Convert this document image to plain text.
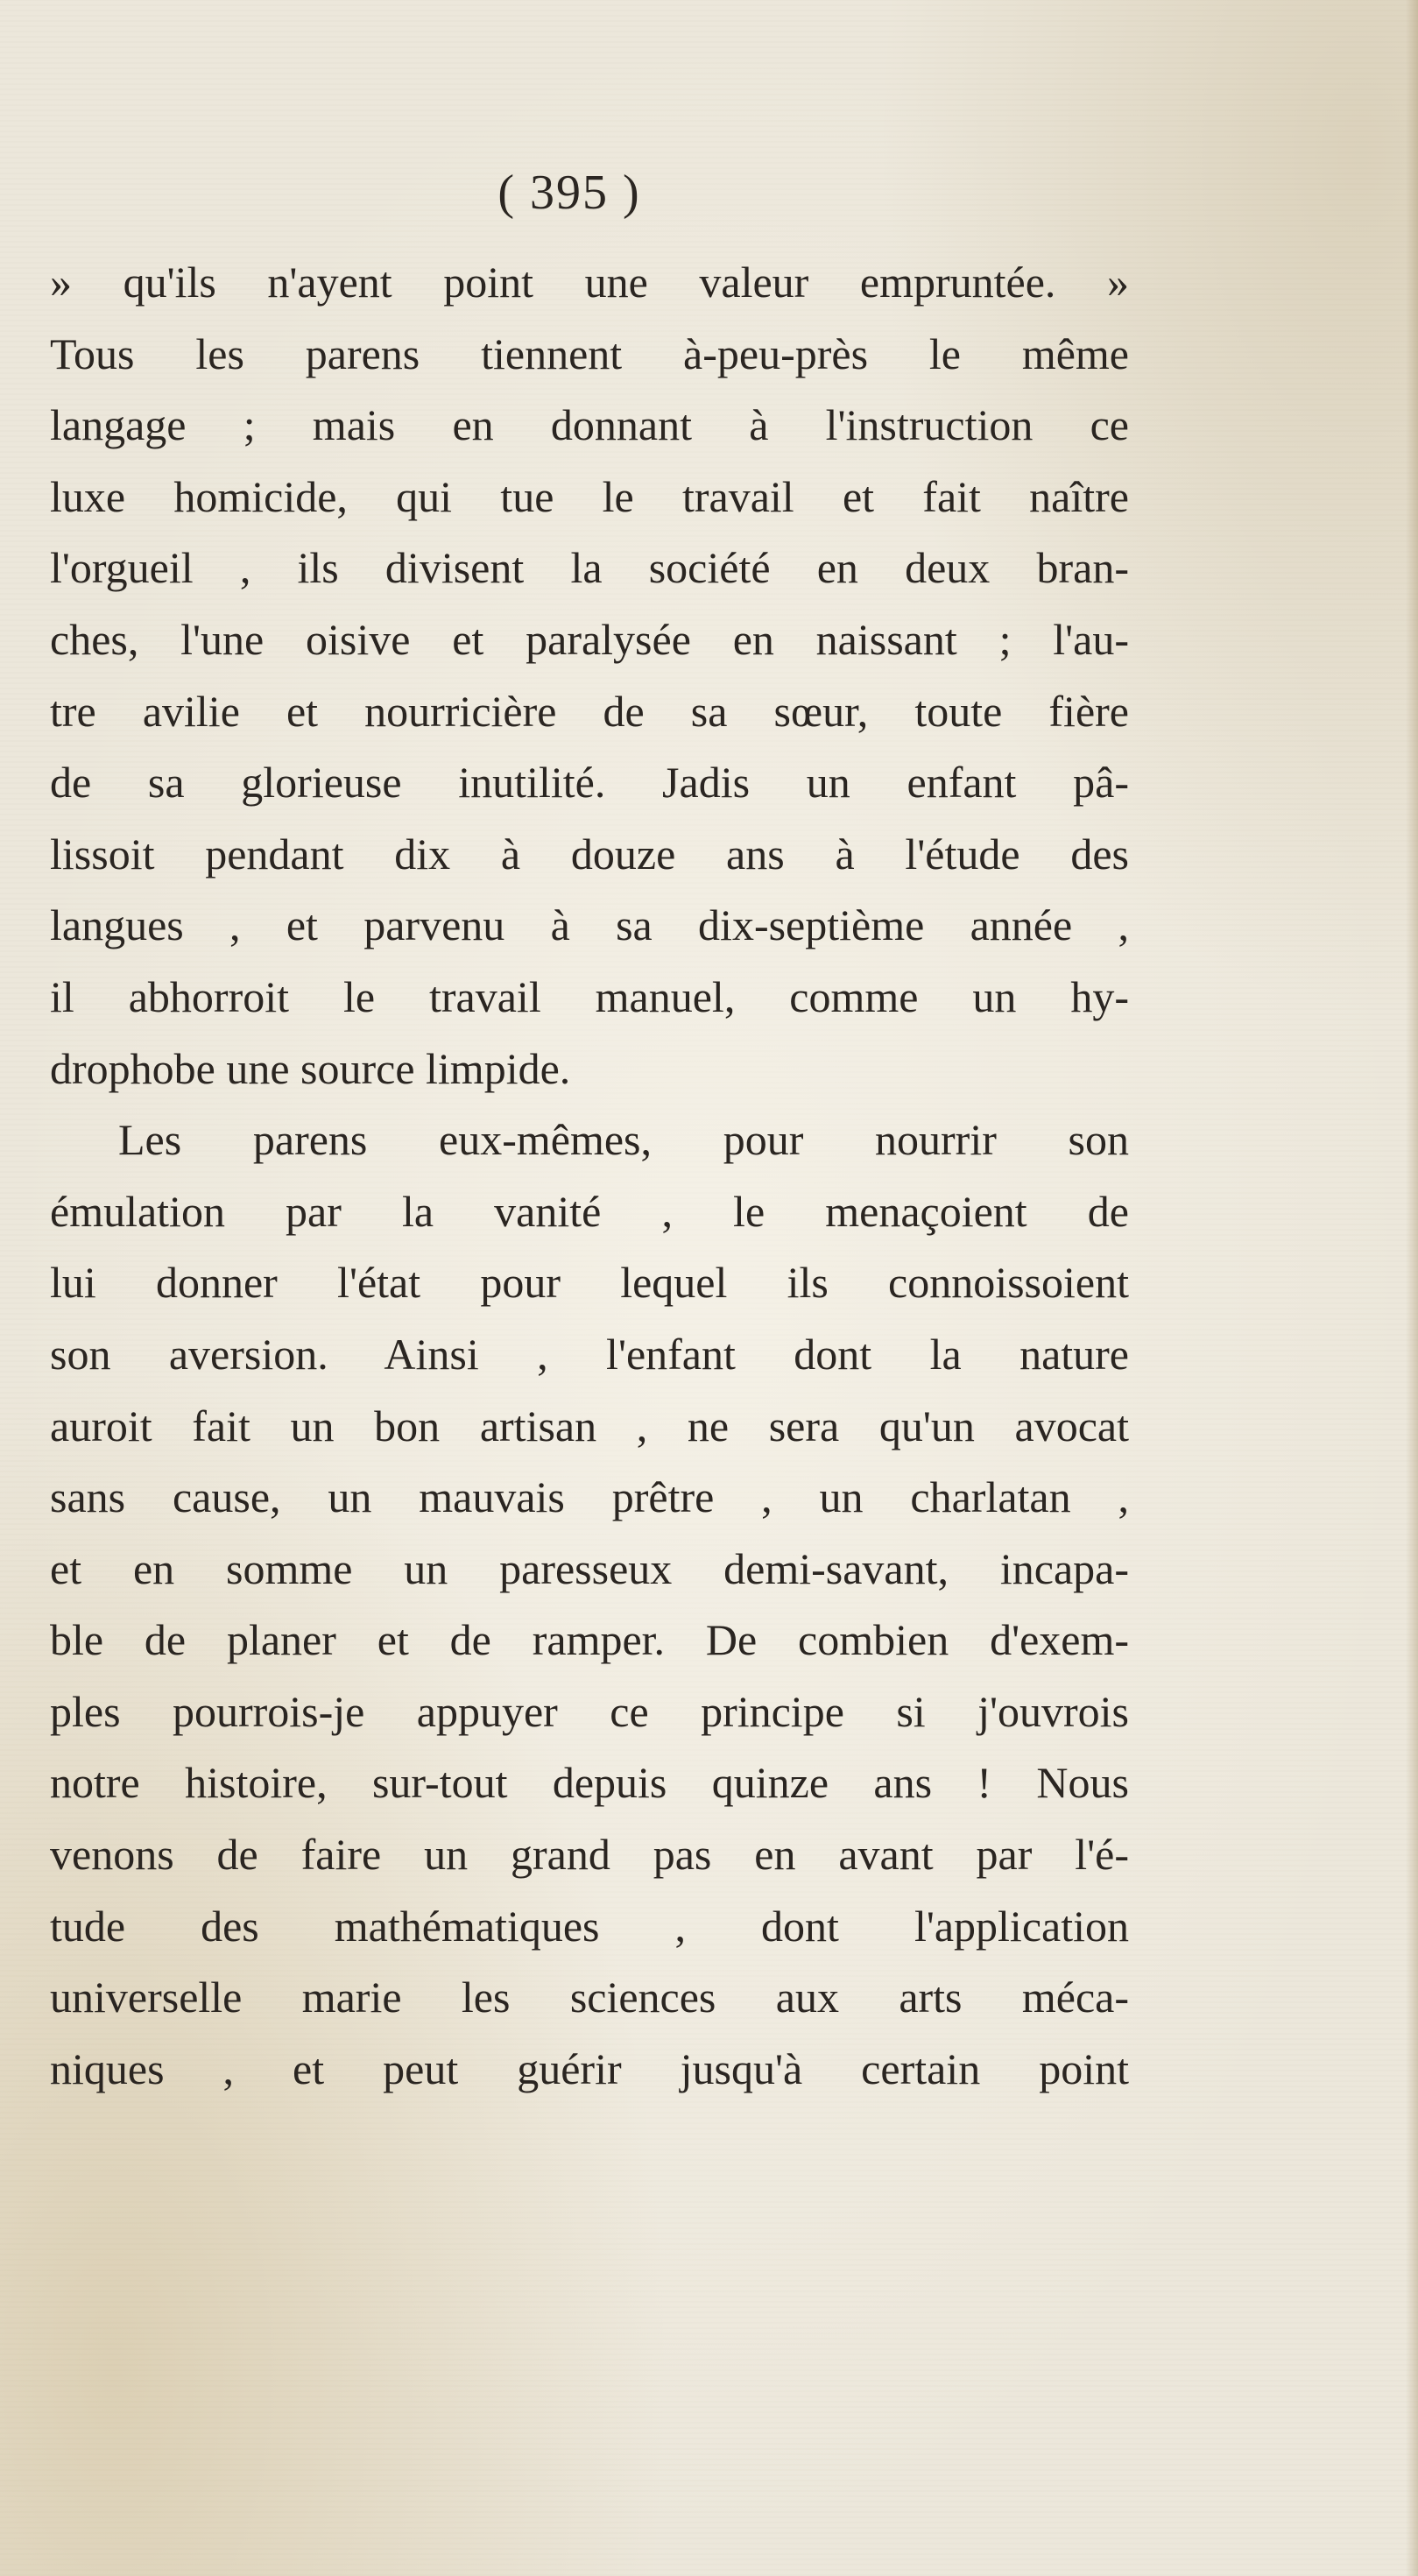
( 395 )
» qu'ils n'ayent point une valeur empruntée. »
Tous les parens tiennent à-peu-près le même
langage ; mais en donnant à l'instruction ce
luxe homicide, qui tue le travail et fait naître
l'orgueil , ils divisent la société en deux bran-
ches, l'une oisive et paralysée en naissant ; l'au-
tre avilie et nourricière de sa sœur, toute fière
de sa glorieuse inutilité. Jadis un enfant pâ-
lissoit pendant dix à douze ans à l'étude des
langues , et parvenu à sa dix-septième année ,
il abhorroit le travail manuel, comme un hy-
drophobe une source limpide.
Les parens eux-mêmes, pour nourrir son
émulation par la vanité , le menaçoient de
lui donner l'état pour lequel ils connoissoient
son aversion. Ainsi , l'enfant dont la nature
auroit fait un bon artisan , ne sera qu'un avocat
sans cause, un mauvais prêtre , un charlatan ,
et en somme un paresseux demi-savant, incapa-
ble de planer et de ramper. De combien d'exem-
ples pourrois-je appuyer ce principe si j'ouvrois
notre histoire, sur-tout depuis quinze ans ! Nous
venons de faire un grand pas en avant par l'é-
tude des mathématiques , dont l'application
universelle marie les sciences aux arts méca-
niques , et peut guérir jusqu'à certain point
